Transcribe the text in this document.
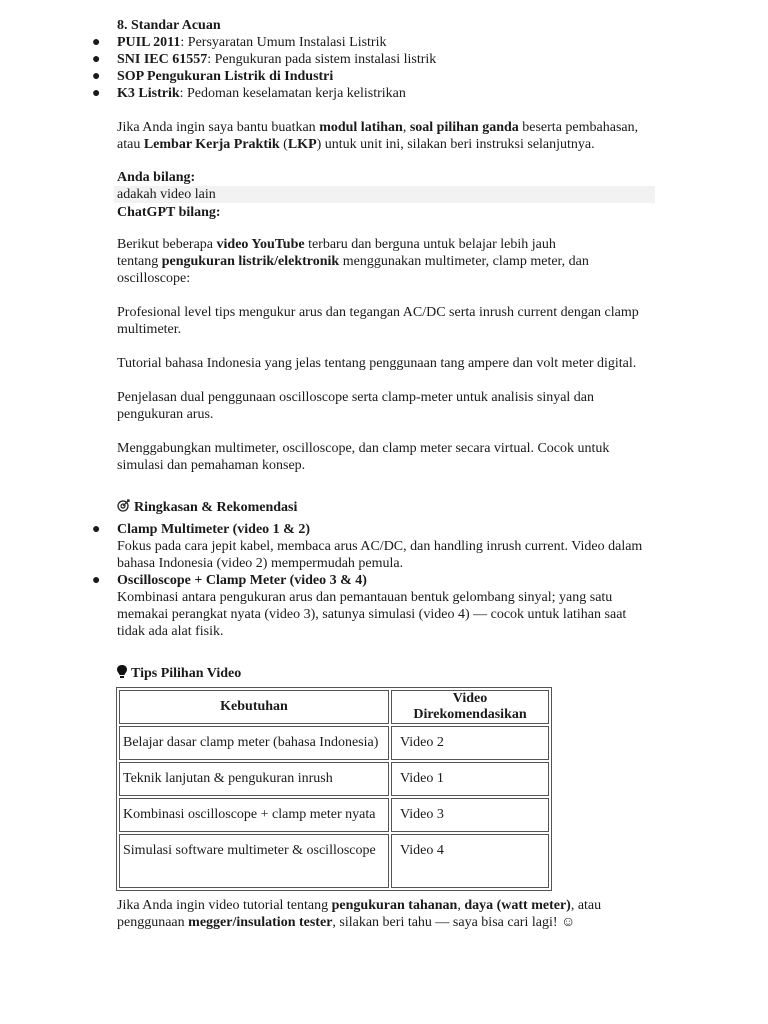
8. Standar Acuan
● PUIL 2011: Persyaratan Umum Instalasi Listrik
● SNI IEC 61557: Pengukuran pada sistem instalasi listrik
● SOP Pengukuran Listrik di Industri
● K3 Listrik: Pedoman keselamatan kerja kelistrikan

Jika Anda ingin saya bantu buatkan modul latihan, soal pilihan ganda beserta pembahasan,
atau Lembar Kerja Praktik (LKP) untuk unit ini, silakan beri instruksi selanjutnya.

Anda bilang:
adakah video lain
ChatGPT bilang:

Berikut beberapa video YouTube terbaru dan berguna untuk belajar lebih jauh
tentang pengukuran listrik/elektronik menggunakan multimeter, clamp meter, dan
oscilloscope:

Profesional level tips mengukur arus dan tegangan AC/DC serta inrush current dengan clamp
multimeter.

Tutorial bahasa Indonesia yang jelas tentang penggunaan tang ampere dan volt meter digital.

Penjelasan dual penggunaan oscilloscope serta clamp-meter untuk analisis sinyal dan
pengukuran arus.

Menggabungkan multimeter, oscilloscope, dan clamp meter secara virtual. Cocok untuk
simulasi dan pemahaman konsep.

Ringkasan & Rekomendasi
● Clamp Multimeter (video 1 & 2)
Fokus pada cara jepit kabel, membaca arus AC/DC, dan handling inrush current. Video dalam
bahasa Indonesia (video 2) mempermudah pemula.
● Oscilloscope + Clamp Meter (video 3 & 4)
Kombinasi antara pengukuran arus dan pemantauan bentuk gelombang sinyal; yang satu
memakai perangkat nyata (video 3), satunya simulasi (video 4) — cocok untuk latihan saat
tidak ada alat fisik.
Tips Pilihan Video
Kebutuhan	Video Direkomendasikan
Belajar dasar clamp meter (bahasa Indonesia)	Video 2
Teknik lanjutan & pengukuran inrush	Video 1
Kombinasi oscilloscope + clamp meter nyata	Video 3
Simulasi software multimeter & oscilloscope	Video 4

Jika Anda ingin video tutorial tentang pengukuran tahanan, daya (watt meter), atau
penggunaan megger/insulation tester, silakan beri tahu — saya bisa cari lagi! ☺
